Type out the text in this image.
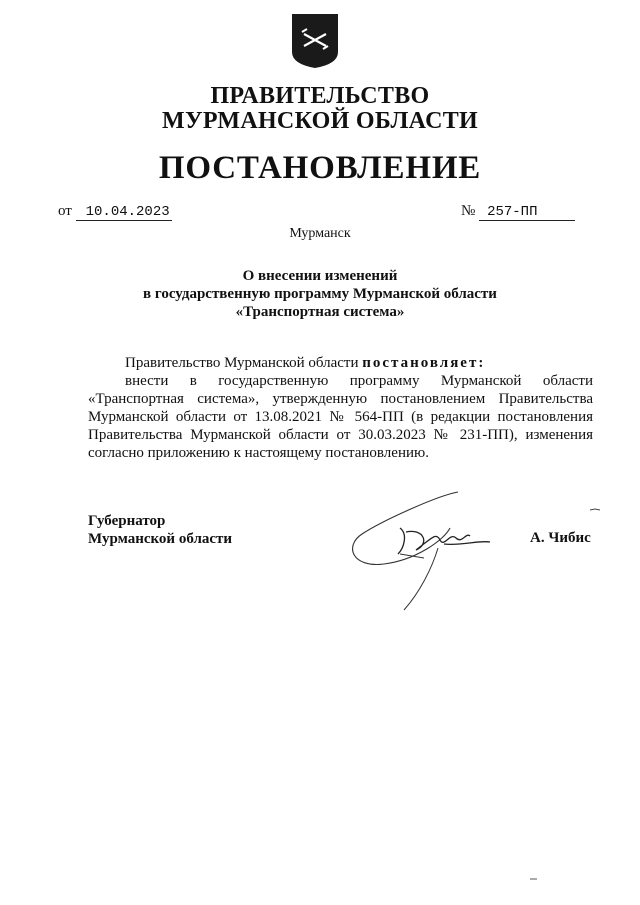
ПРАВИТЕЛЬСТВО
МУРМАНСКОЙ ОБЛАСТИ
ПОСТАНОВЛЕНИЕ
от 10.04.2023	№ 257-ПП
Мурманск
О внесении изменений
в государственную программу Мурманской области
«Транспортная система»

Правительство Мурманской области постановляет:

внести в государственную программу Мурманской области «Транспортная система», утвержденную постановлением Правительства Мурманской области от 13.08.2021 № 564-ПП (в редакции постановления Правительства Мурманской области от 30.03.2023 № 231-ПП), изменения согласно приложению к настоящему постановлению.

Губернатор
Мурманской области	А. Чибис
